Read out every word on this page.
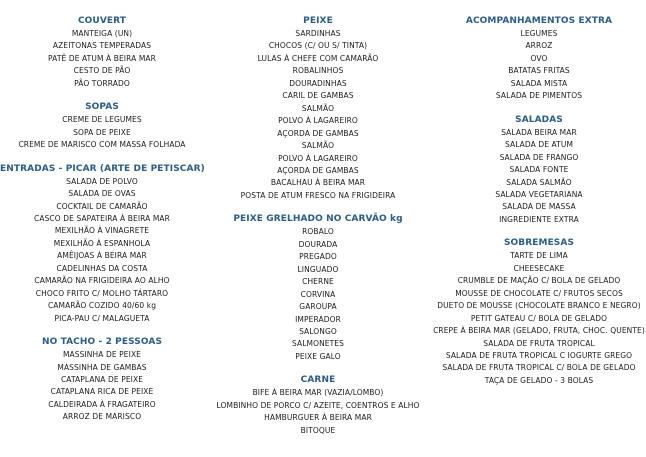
COUVERT
MANTEIGA (UN)
AZEITONAS TEMPERADAS
PATÊ DE ATUM À BEIRA MAR
CESTO DE PÃO
PÃO TORRADO
SOPAS
CREME DE LEGUMES
SOPA DE PEIXE
CREME DE MARISCO COM MASSA FOLHADA
ENTRADAS - PICAR (ARTE DE PETISCAR)
SALADA DE POLVO
SALADA DE OVAS
COCKTAIL DE CAMARÃO
CASCO DE SAPATEIRA À BEIRA MAR
MEXILHÃO À VINAGRETE
MEXILHÃO À ESPANHOLA
AMÊIJOAS À BEIRA MAR
CADELINHAS DA COSTA
CAMARÃO NA FRIGIDEIRA AO ALHO
CHOCO FRITO C/ MOLHO TÁRTARO
CAMARÃO COZIDO 40/60 kg
PICA-PAU C/ MALAGUETA
NO TACHO - 2 PESSOAS
MASSINHA DE PEIXE
MASSINHA DE GAMBAS
CATAPLANA DE PEIXE
CATAPLANA RICA DE PEIXE
CALDEIRADA À FRAGATEIRO
ARROZ DE MARISCO
PEIXE
SARDINHAS
CHOCOS (C/ OU S/ TINTA)
LULAS À CHEFE COM CAMARÃO
ROBALINHOS
DOURADINHAS
CARIL DE GAMBAS
SALMÃO
POLVO À LAGAREIRO
AÇORDA DE GAMBAS
SALMÃO
POLVO À LAGAREIRO
AÇORDA DE GAMBAS
BACALHAU À BEIRA MAR
POSTA DE ATUM FRESCO NA FRIGIDEIRA
PEIXE GRELHADO NO CARVÃO kg
ROBALO
DOURADA
PREGADO
LINGUADO
CHERNE
CORVINA
GAROUPA
IMPERADOR
SALONGO
SALMONETES
PEIXE GALO
CARNE
BIFE À BEIRA MAR (VAZIA/LOMBO)
LOMBINHO DE PORCO C/ AZEITE, COENTROS E ALHO
HAMBURGUER À BEIRA MAR
BITOQUE
ACOMPANHAMENTOS EXTRA
LEGUMES
ARROZ
OVO
BATATAS FRITAS
SALADA MISTA
SALADA DE PIMENTOS
SALADAS
SALADA BEIRA MAR
SALADA DE ATUM
SALADA DE FRANGO
SALADA FONTE
SALADA SALMÃO
SALADA VEGETARIANA
SALADA DE MASSA
INGREDIENTE EXTRA
SOBREMESAS
TARTE DE LIMA
CHEESECAKE
CRUMBLE DE MAÇÃO C/ BOLA DE GELADO
MOUSSE DE CHOCOLATE C/ FRUTOS SECOS
DUETO DE MOUSSE (CHOCOLATE BRANCO E NEGRO)
PETIT GATEAU C/ BOLA DE GELADO
CREPE À BEIRA MAR (GELADO, FRUTA, CHOC. QUENTE)
SALADA DE FRUTA TROPICAL
SALADA DE FRUTA TROPICAL C IOGURTE GREGO
SALADA DE FRUTA TROPICAL C/ BOLA DE GELADO
TAÇA DE GELADO - 3 BOLAS
